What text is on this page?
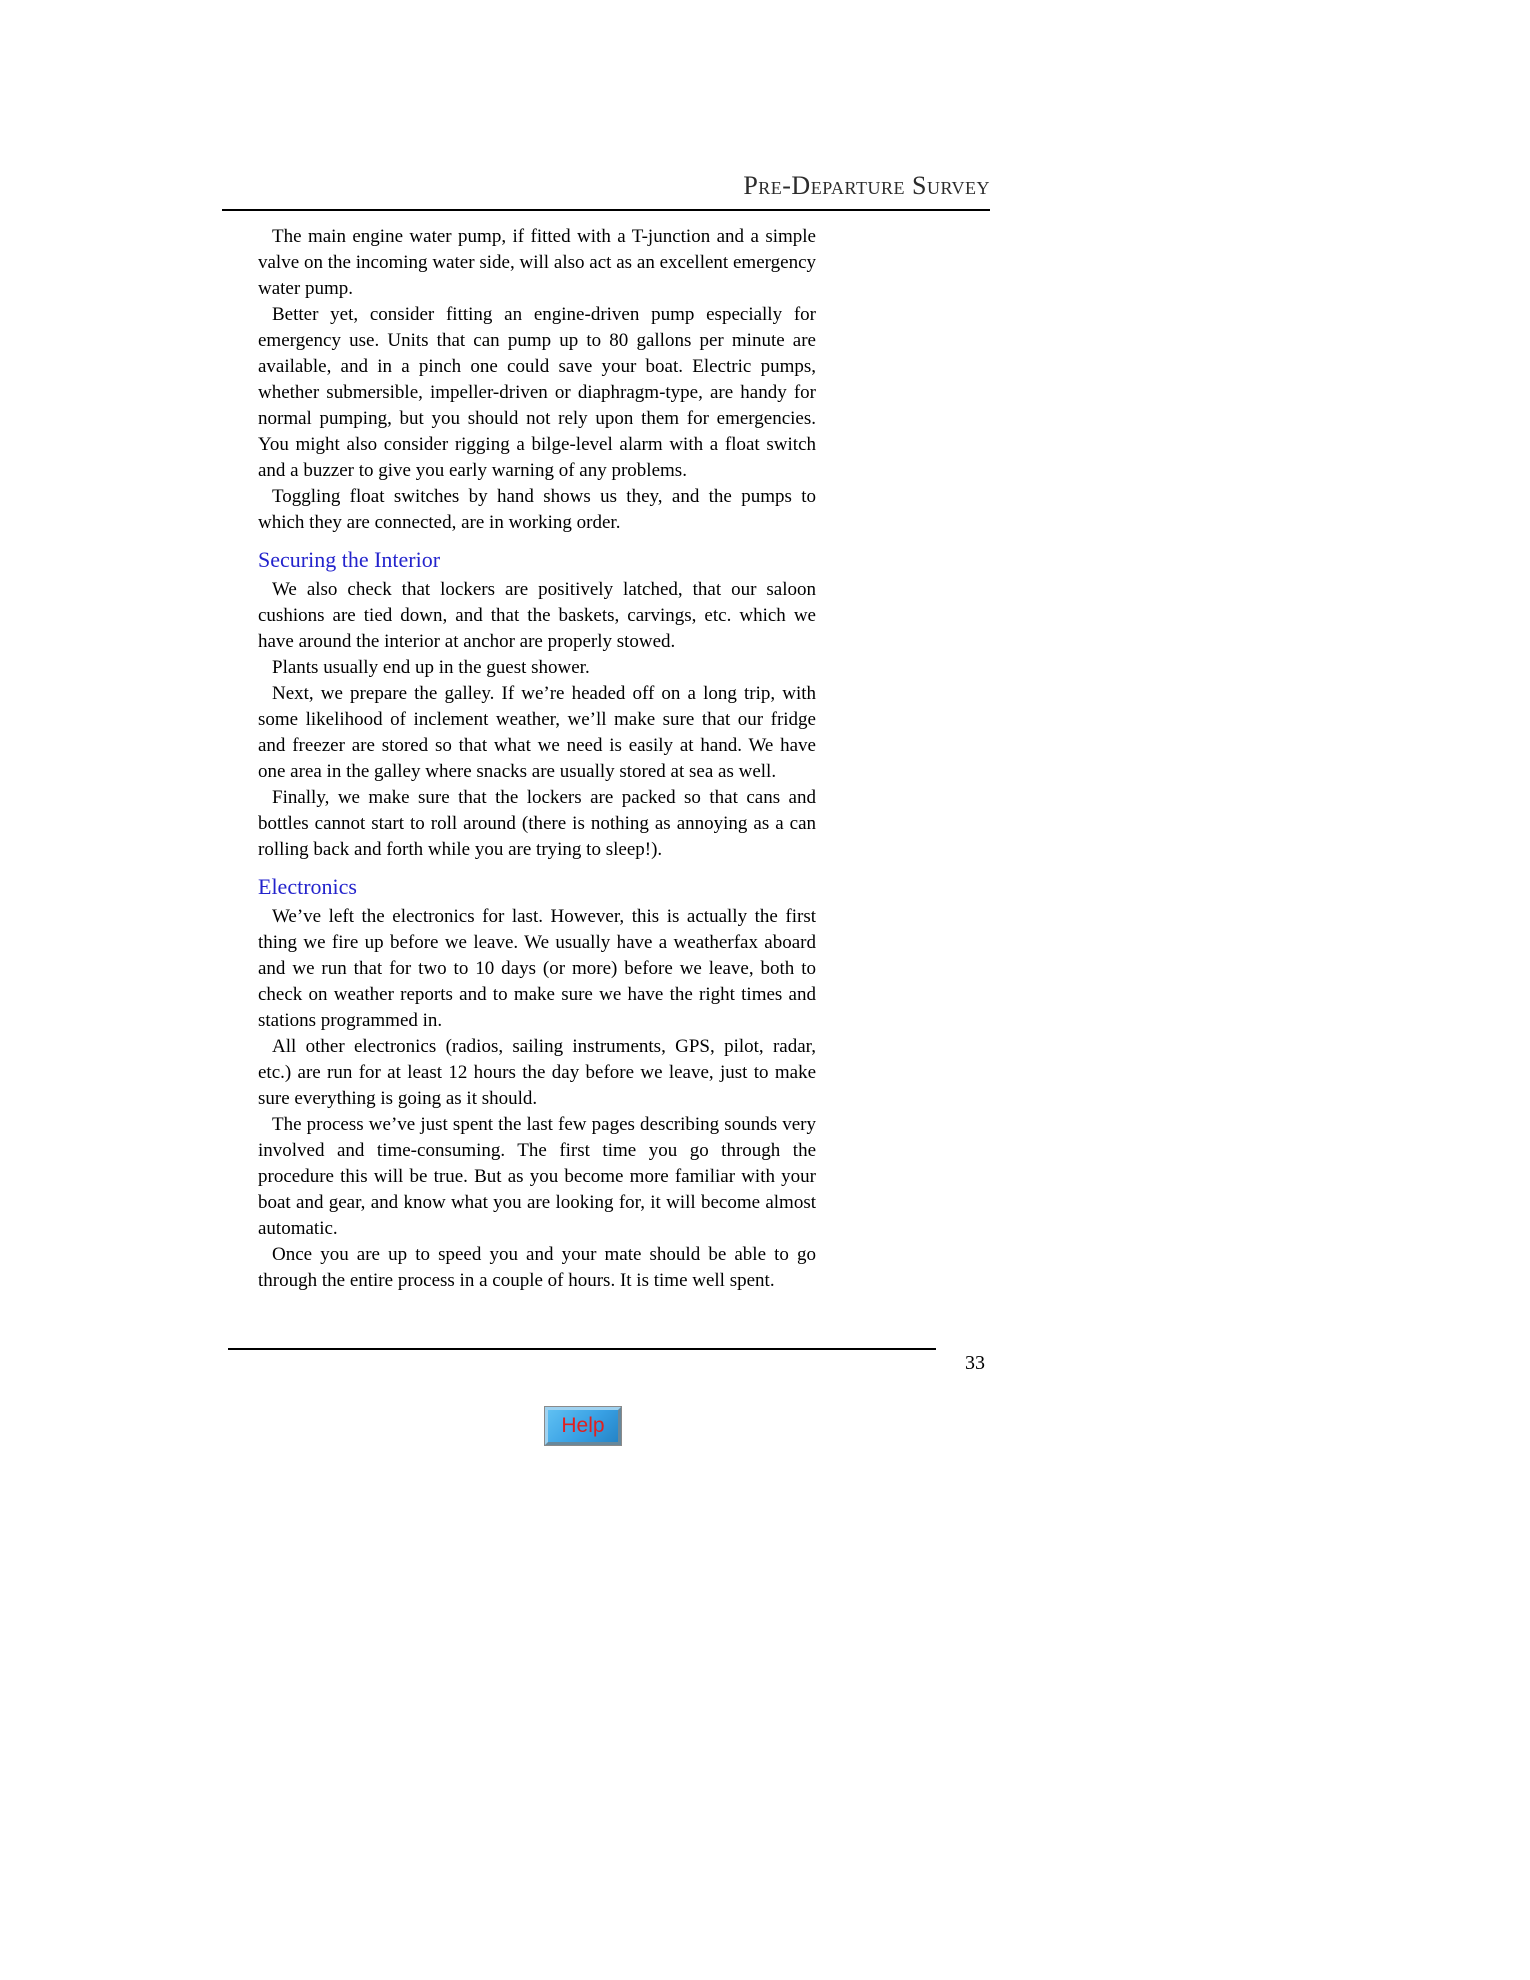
Pre-Departure Survey

The main engine water pump, if fitted with a T-junction and a simple valve on the incoming water side, will also act as an excellent emergency water pump.

Better yet, consider fitting an engine-driven pump especially for emergency use. Units that can pump up to 80 gallons per minute are available, and in a pinch one could save your boat. Electric pumps, whether submersible, impeller-driven or diaphragm-type, are handy for normal pumping, but you should not rely upon them for emergencies. You might also consider rigging a bilge-level alarm with a float switch and a buzzer to give you early warning of any problems.

Toggling float switches by hand shows us they, and the pumps to which they are connected, are in working order.

Securing the Interior

We also check that lockers are positively latched, that our saloon cushions are tied down, and that the baskets, carvings, etc. which we have around the interior at anchor are properly stowed.

Plants usually end up in the guest shower.

Next, we prepare the galley. If we’re headed off on a long trip, with some likelihood of inclement weather, we’ll make sure that our fridge and freezer are stored so that what we need is easily at hand. We have one area in the galley where snacks are usually stored at sea as well.

Finally, we make sure that the lockers are packed so that cans and bottles cannot start to roll around (there is nothing as annoying as a can rolling back and forth while you are trying to sleep!).

Electronics

We’ve left the electronics for last. However, this is actually the first thing we fire up before we leave. We usually have a weatherfax aboard and we run that for two to 10 days (or more) before we leave, both to check on weather reports and to make sure we have the right times and stations programmed in.

All other electronics (radios, sailing instruments, GPS, pilot, radar, etc.) are run for at least 12 hours the day before we leave, just to make sure everything is going as it should.

The process we’ve just spent the last few pages describing sounds very involved and time-consuming. The first time you go through the procedure this will be true. But as you become more familiar with your boat and gear, and know what you are looking for, it will become almost automatic.

Once you are up to speed you and your mate should be able to go through the entire process in a couple of hours. It is time well spent.

33
Help
